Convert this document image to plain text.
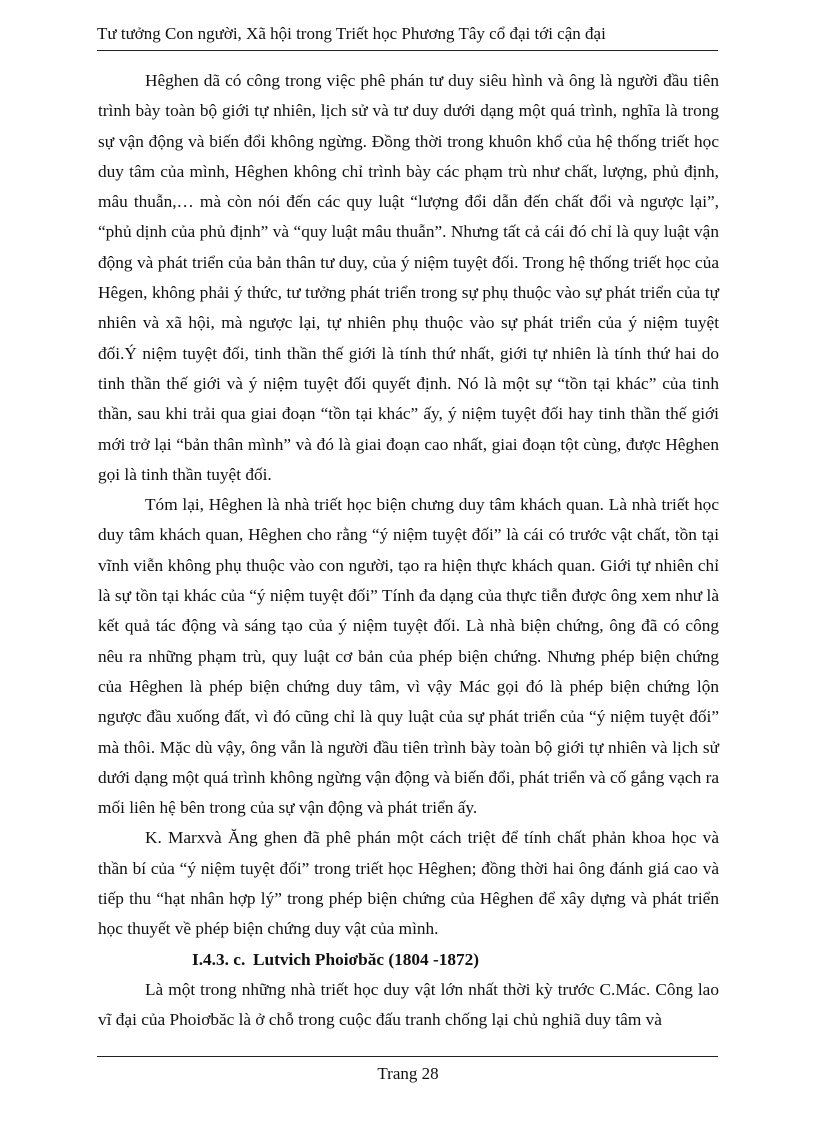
Tư tưởng Con người, Xã hội trong Triết học Phương Tây cổ đại tới cận đại

Hêghen dã có công trong việc phê phán tư duy siêu hình và ông là người đầu tiên trình bày toàn bộ giới tự nhiên, lịch sử và tư duy dưới dạng một quá trình, nghĩa là trong sự vận động và biến đổi không ngừng. Đồng thời trong khuôn khổ của hệ thống triết học duy tâm của mình, Hêghen không chỉ trình bày các phạm trù như chất, lượng, phủ định, mâu thuẫn,… mà còn nói đến các quy luật “lượng đổi dẫn đến chất đổi và ngược lại”, “phủ dịnh của phủ định” và “quy luật mâu thuẫn”. Nhưng tất cả cái đó chỉ là quy luật vận động và phát triển của bản thân tư duy, của ý niệm tuyệt đối. Trong hệ thống triết học của Hêgen, không phải ý thức, tư tưởng phát triển trong sự phụ thuộc vào sự phát triển của tự nhiên và xã hội, mà ngược lại, tự nhiên phụ thuộc vào sự phát triển của ý niệm tuyệt đối.Ý niệm tuyệt đối, tinh thần thế giới là tính thứ nhất, giới tự nhiên là tính thứ hai do tinh thần thế giới và ý niệm tuyệt đối quyết định. Nó là một sự “tồn tại khác” của tinh thần, sau khi trải qua giai đoạn “tồn tại khác” ấy, ý niệm tuyệt đối hay tinh thần thế giới mới trở lại “bản thân mình” và đó là giai đoạn cao nhất, giai đoạn tột cùng, được Hêghen gọi là tinh thần tuyệt đối.

Tóm lại, Hêghen là nhà triết học biện chưng duy tâm khách quan. Là nhà triết học duy tâm khách quan, Hêghen cho rằng “ý niệm tuyệt đối” là cái có trước vật chất, tồn tại vĩnh viễn không phụ thuộc vào con người, tạo ra hiện thực khách quan. Giới tự nhiên chỉ là sự tồn tại khác của “ý niệm tuyệt đối” Tính đa dạng của thực tiễn được ông xem như là kết quả tác động và sáng tạo của ý niệm tuyệt đối. Là nhà biện chứng, ông đã có công nêu ra những phạm trù, quy luật cơ bản của phép biện chứng. Nhưng phép biện chứng của Hêghen là phép biện chứng duy tâm, vì vậy Mác gọi đó là phép biện chứng lộn ngược đầu xuống đất, vì đó cũng chỉ là quy luật của sự phát triển của “ý niệm tuyệt đối” mà thôi. Mặc dù vậy, ông vẫn là người đầu tiên trình bày toàn bộ giới tự nhiên và lịch sử dưới dạng một quá trình không ngừng vận động và biến đổi, phát triển và cố gắng vạch ra mối liên hệ bên trong của sự vận động và phát triển ấy.

K. Marxvà Ăng ghen đã phê phán một cách triệt để tính chất phản khoa học và thần bí của “ý niệm tuyệt đối” trong triết học Hêghen; đồng thời hai ông đánh giá cao và tiếp thu “hạt nhân hợp lý” trong phép biện chứng của Hêghen để xây dựng và phát triển học thuyết về phép biện chứng duy vật của mình.

I.4.3. c. Lutvich Phoiơbăc (1804 -1872)

Là một trong những nhà triết học duy vật lớn nhất thời kỳ trước C.Mác. Công lao vĩ đại của Phoiơbăc là ở chỗ trong cuộc đấu tranh chống lại chủ nghiã duy tâm và

Trang 28
